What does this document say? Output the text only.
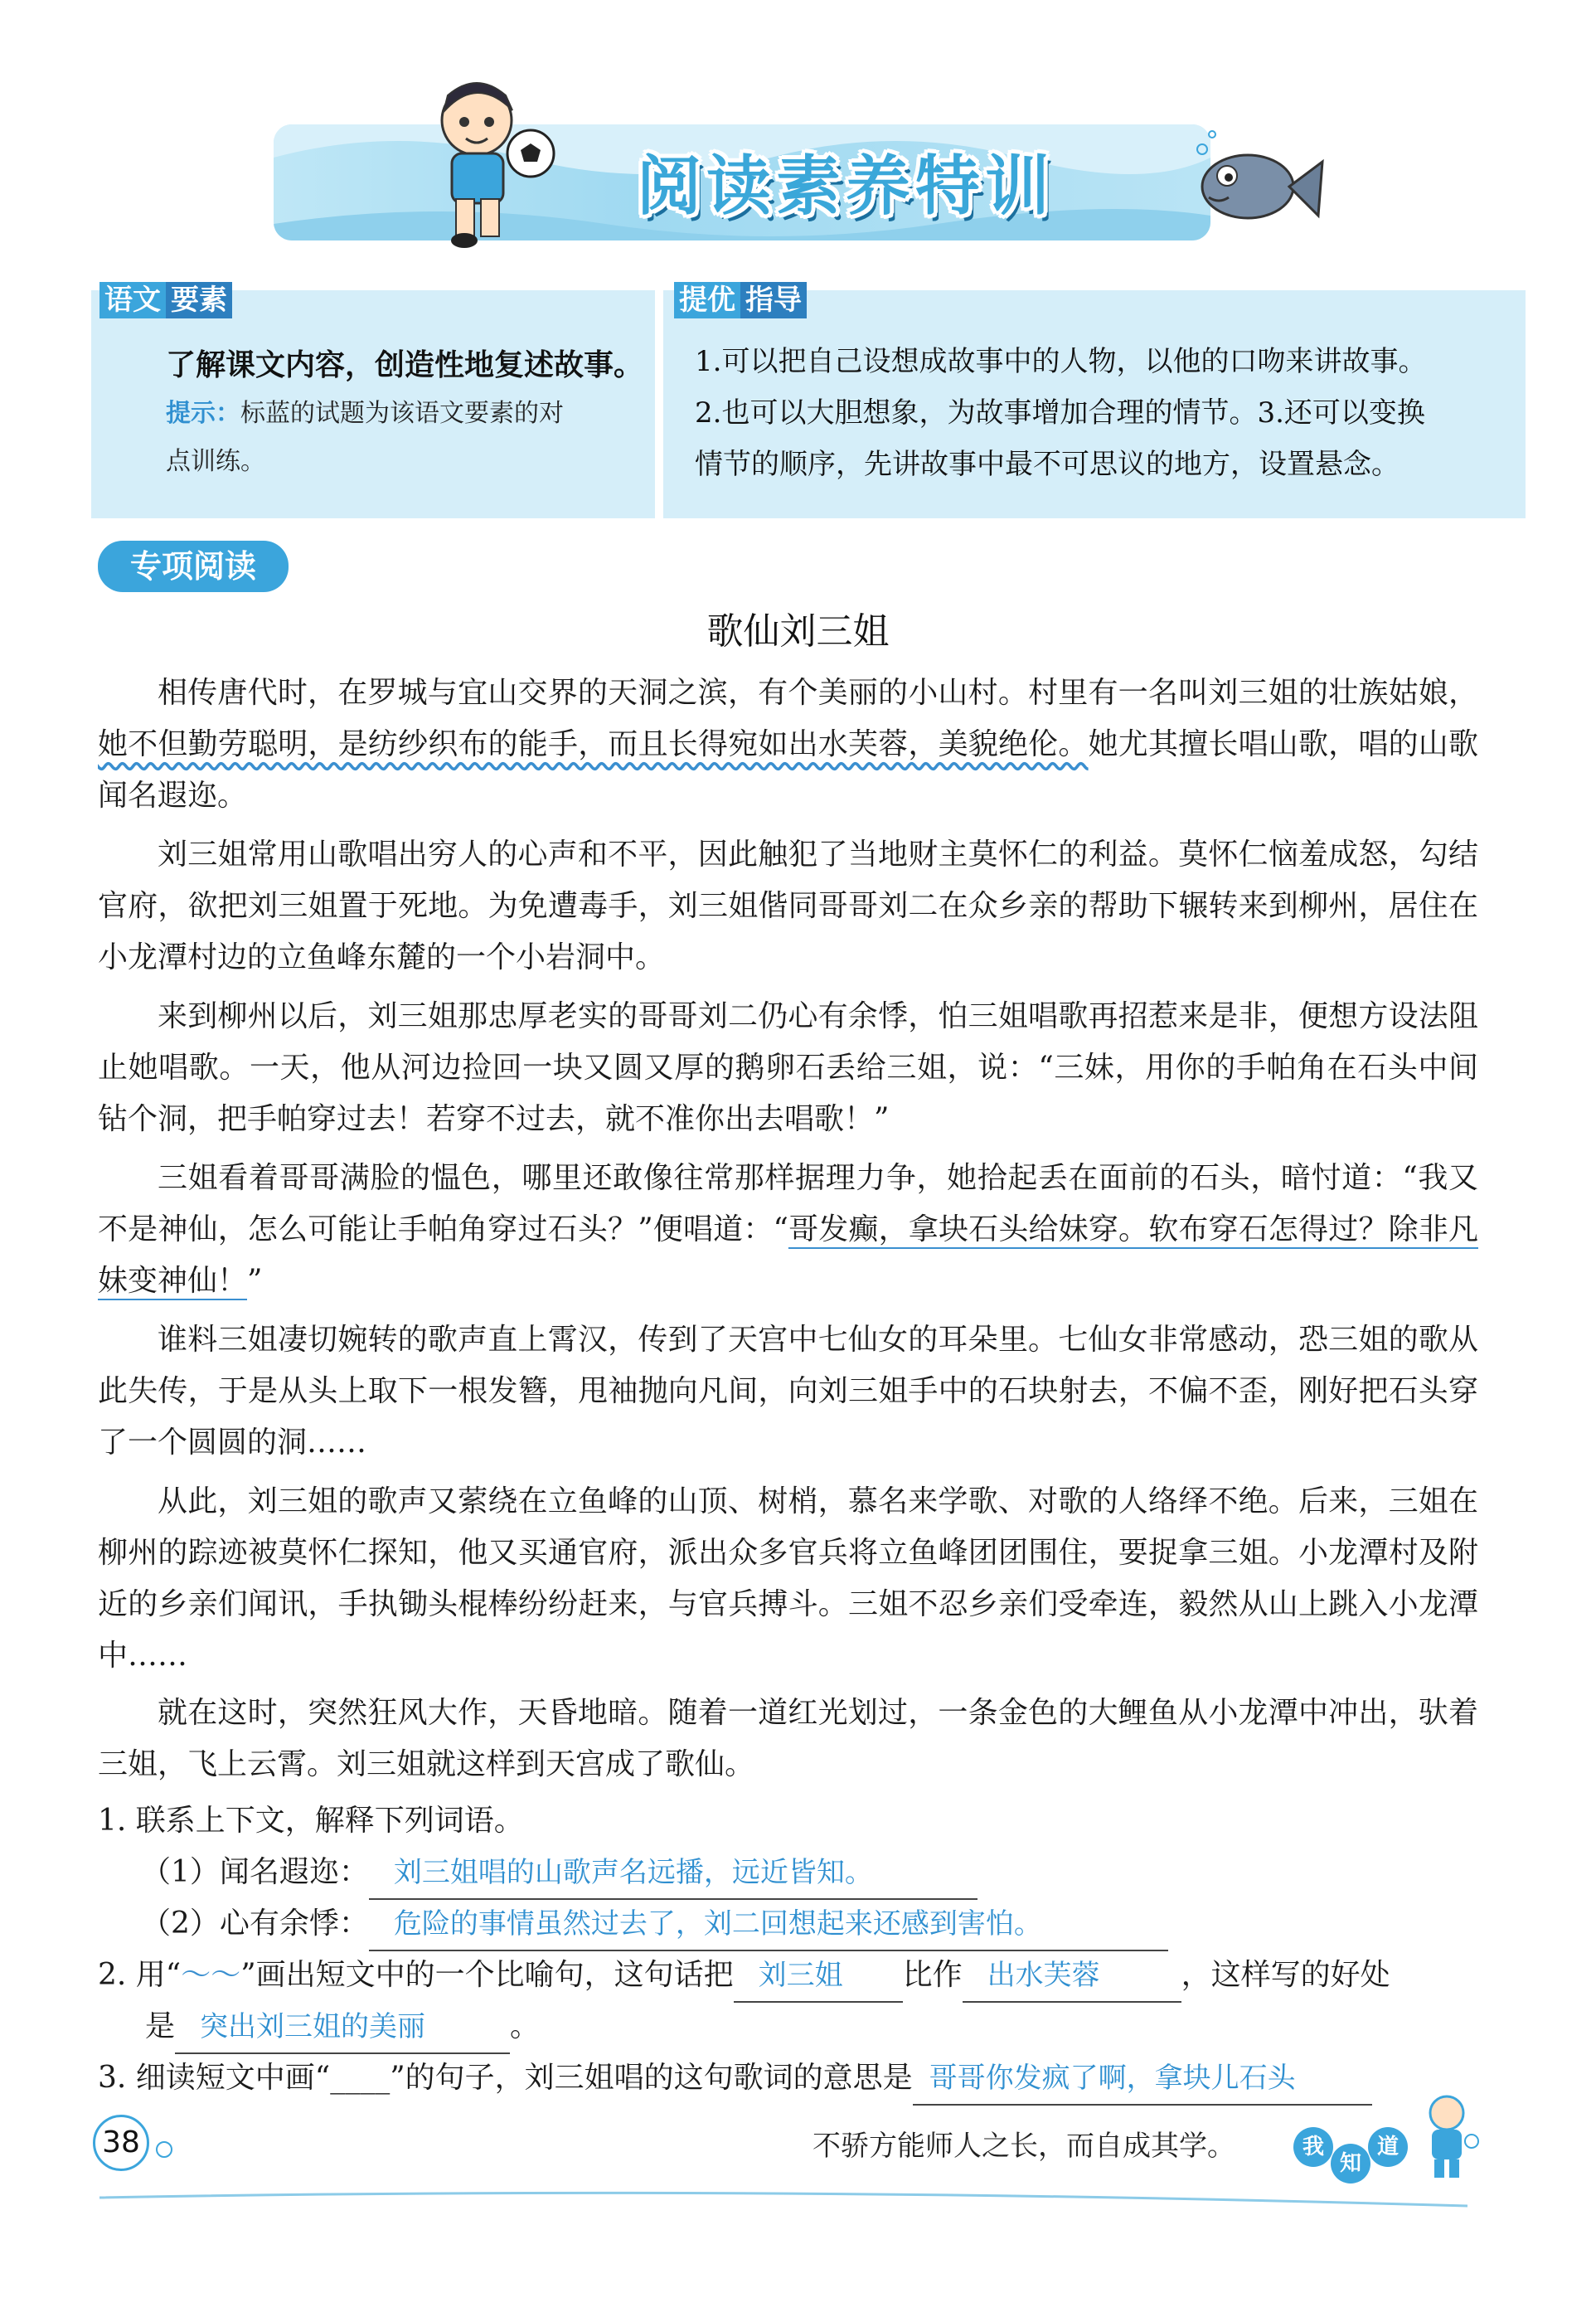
阅读素养特训
语文 要素
了解课文内容，创造性地复述故事。
提示：标蓝的试题为该语文要素的对
点训练。
提优 指导
1.可以把自己设想成故事中的人物，以他的口吻来讲故事。
2.也可以大胆想象，为故事增加合理的情节。3.还可以变换
情节的顺序，先讲故事中最不可思议的地方，设置悬念。
专项阅读
歌仙刘三姐
相传唐代时，在罗城与宜山交界的天洞之滨，有个美丽的小山村。村里有一名叫刘三姐的壮族姑娘，她不但勤劳聪明，是纺纱织布的能手，而且长得宛如出水芙蓉，美貌绝伦。她尤其擅长唱山歌，唱的山歌闻名遐迩。
刘三姐常用山歌唱出穷人的心声和不平，因此触犯了当地财主莫怀仁的利益。莫怀仁恼羞成怒，勾结官府，欲把刘三姐置于死地。为免遭毒手，刘三姐偕同哥哥刘二在众乡亲的帮助下辗转来到柳州，居住在小龙潭村边的立鱼峰东麓的一个小岩洞中。
来到柳州以后，刘三姐那忠厚老实的哥哥刘二仍心有余悸，怕三姐唱歌再招惹来是非，便想方设法阻止她唱歌。一天，他从河边捡回一块又圆又厚的鹅卵石丢给三姐，说：“三妹，用你的手帕角在石头中间钻个洞，把手帕穿过去！若穿不过去，就不准你出去唱歌！”
三姐看着哥哥满脸的愠色，哪里还敢像往常那样据理力争，她拾起丢在面前的石头，暗忖道：“我又不是神仙，怎么可能让手帕角穿过石头？”便唱道：“哥发癫，拿块石头给妹穿。软布穿石怎得过？除非凡妹变神仙！”
谁料三姐凄切婉转的歌声直上霄汉，传到了天宫中七仙女的耳朵里。七仙女非常感动，恐三姐的歌从此失传，于是从头上取下一根发簪，甩袖抛向凡间，向刘三姐手中的石块射去，不偏不歪，刚好把石头穿了一个圆圆的洞……
从此，刘三姐的歌声又萦绕在立鱼峰的山顶、树梢，慕名来学歌、对歌的人络绎不绝。后来，三姐在柳州的踪迹被莫怀仁探知，他又买通官府，派出众多官兵将立鱼峰团团围住，要捉拿三姐。小龙潭村及附近的乡亲们闻讯，手执锄头棍棒纷纷赶来，与官兵搏斗。三姐不忍乡亲们受牵连，毅然从山上跳入小龙潭中……
就在这时，突然狂风大作，天昏地暗。随着一道红光划过，一条金色的大鲤鱼从小龙潭中冲出，驮着三姐，飞上云霄。刘三姐就这样到天宫成了歌仙。
1. 联系上下文，解释下列词语。
（1）闻名遐迩： 刘三姐唱的山歌声名远播，远近皆知。
（2）心有余悸： 危险的事情虽然过去了，刘二回想起来还感到害怕。
2. 用“～～”画出短文中的一个比喻句，这句话把 刘三姐 比作 出水芙蓉	，这样写的好处
是 突出刘三姐的美丽	。
3. 细读短文中画“____”的句子，刘三姐唱的这句歌词的意思是 哥哥你发疯了啊，拿块儿石头
38	不骄方能师人之长，而自成其学。	我
知
道
